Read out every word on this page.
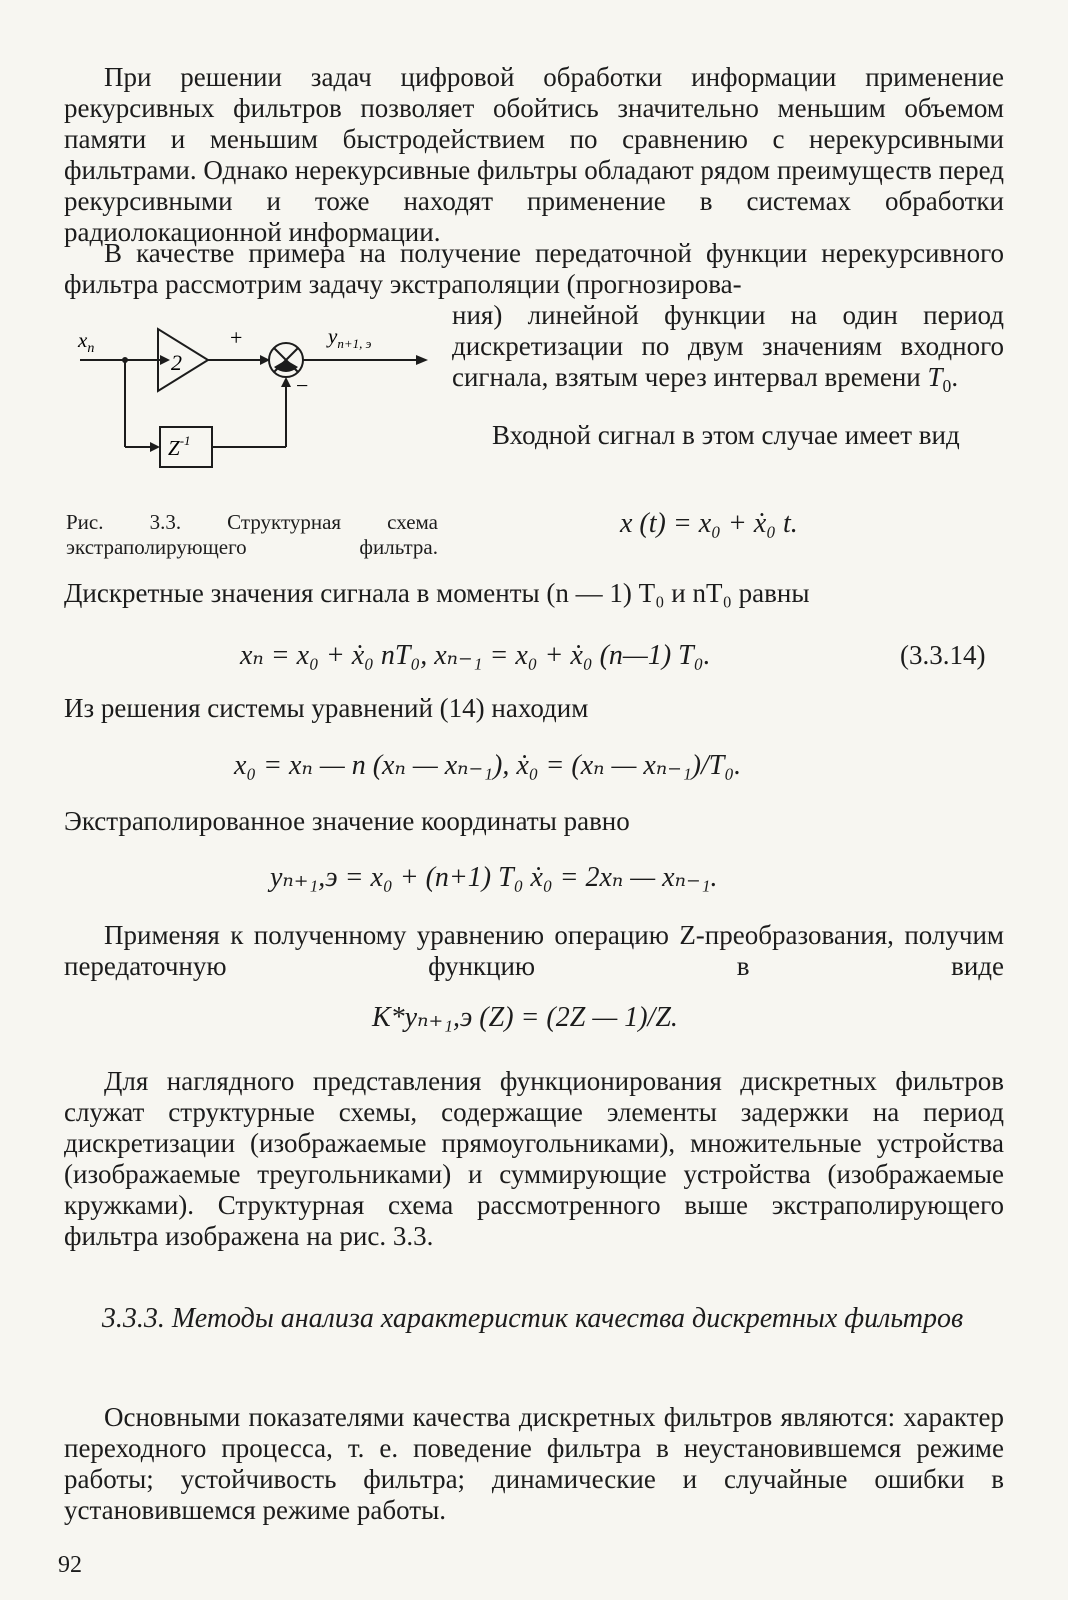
При решении задач цифровой обработки информации применение рекурсивных фильтров позволяет обойтись значительно меньшим объемом памяти и меньшим быстродействием по сравнению с нерекурсивными фильтрами. Однако нерекурсивные фильтры обладают рядом преимуществ перед рекурсивными и тоже находят применение в системах обработки радиолокационной информации.
В качестве примера на получение передаточной функции нерекурсивного фильтра рассмотрим задачу экстраполяции (прогнозирова-
ния) линейной функции на один период дискретизации по двум значениям входного сигнала, взятым через интервал времени $T_0$.
Входной сигнал в этом случае имеет вид
2
+	$y_{n+1, э}$
$x_n$
$Z^{-1}$
−
Рис. 3.3. Структурная схема экстраполирующего фильтра.
x (t) = x₀ + ẋ₀ t.
Дискретные значения сигнала в моменты (n — 1) T₀ и nT₀ равны
xₙ = x₀ + ẋ₀ nT₀, xₙ₋₁ = x₀ + ẋ₀ (n—1) T₀.	(3.3.14)
Из решения системы уравнений (14) находим
x₀ = xₙ — n (xₙ — xₙ₋₁), ẋ₀ = (xₙ — xₙ₋₁)/T₀.
Экстраполированное значение координаты равно
yₙ₊₁,э = x₀ + (n+1) T₀ ẋ₀ = 2xₙ — xₙ₋₁.
Применяя к полученному уравнению операцию Z-преобразования, получим передаточную функцию в виде
K*yₙ₊₁,э (Z) = (2Z — 1)/Z.
Для наглядного представления функционирования дискретных фильтров служат структурные схемы, содержащие элементы задержки на период дискретизации (изображаемые прямоугольниками), множительные устройства (изображаемые треугольниками) и суммирующие устройства (изображаемые кружками). Структурная схема рассмотренного выше экстраполирующего фильтра изображена на рис. 3.3.
3.3.3. Методы анализа характеристик качества дискретных фильтров
Основными показателями качества дискретных фильтров являются: характер переходного процесса, т. е. поведение фильтра в неустановившемся режиме работы; устойчивость фильтра; динамические и случайные ошибки в установившемся режиме работы.
92
